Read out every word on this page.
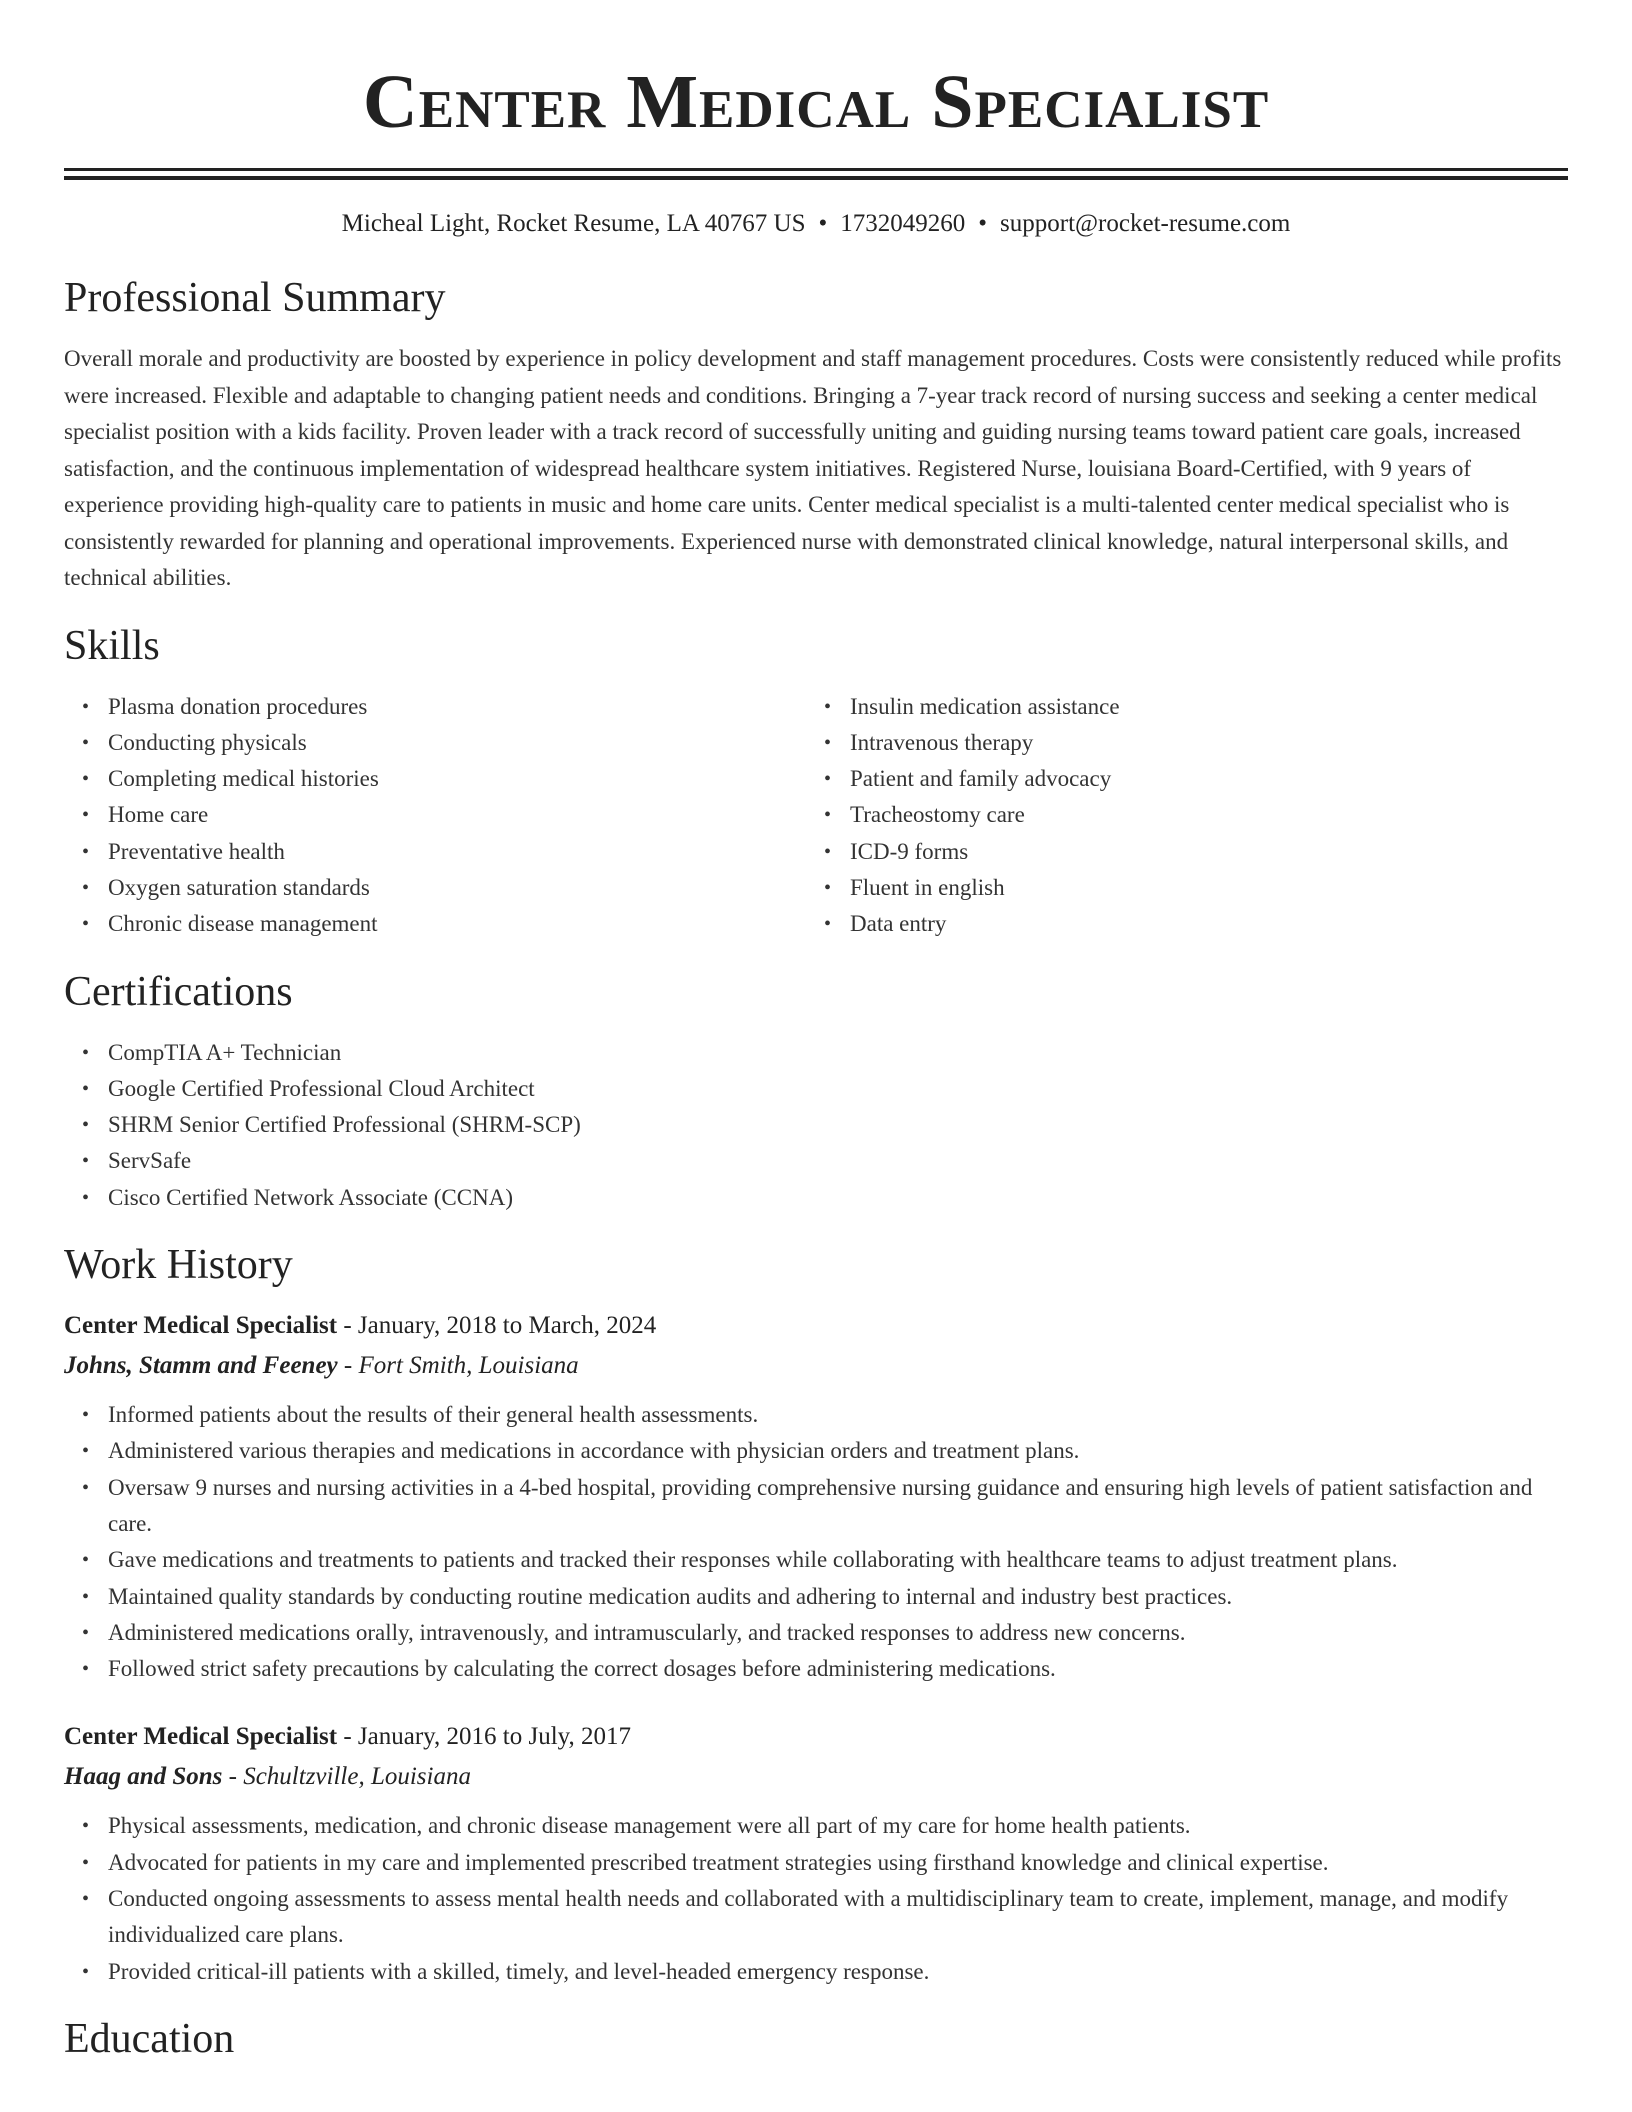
Center Medical Specialist
Micheal Light, Rocket Resume, LA 40767 US • 1732049260 • support@rocket-resume.com
Professional Summary

Overall morale and productivity are boosted by experience in policy development and staff management procedures. Costs were consistently reduced while profits were increased. Flexible and adaptable to changing patient needs and conditions. Bringing a 7-year track record of nursing success and seeking a center medical specialist position with a kids facility. Proven leader with a track record of successfully uniting and guiding nursing teams toward patient care goals, increased satisfaction, and the continuous implementation of widespread healthcare system initiatives. Registered Nurse, louisiana Board-Certified, with 9 years of experience providing high-quality care to patients in music and home care units. Center medical specialist is a multi-talented center medical specialist who is consistently rewarded for planning and operational improvements. Experienced nurse with demonstrated clinical knowledge, natural interpersonal skills, and technical abilities.

Skills
• Plasma donation procedures
• Conducting physicals
• Completing medical histories
• Home care
• Preventative health
• Oxygen saturation standards
• Chronic disease management
• Insulin medication assistance
• Intravenous therapy
• Patient and family advocacy
• Tracheostomy care
• ICD-9 forms
• Fluent in english
• Data entry
Certifications
• CompTIA A+ Technician
• Google Certified Professional Cloud Architect
• SHRM Senior Certified Professional (SHRM-SCP)
• ServSafe
• Cisco Certified Network Associate (CCNA)
Work History
Center Medical Specialist - January, 2018 to March, 2024
Johns, Stamm and Feeney - Fort Smith, Louisiana
• Informed patients about the results of their general health assessments.
• Administered various therapies and medications in accordance with physician orders and treatment plans.
• Oversaw 9 nurses and nursing activities in a 4-bed hospital, providing comprehensive nursing guidance and ensuring high levels of patient satisfaction and care.
• Gave medications and treatments to patients and tracked their responses while collaborating with healthcare teams to adjust treatment plans.
• Maintained quality standards by conducting routine medication audits and adhering to internal and industry best practices.
• Administered medications orally, intravenously, and intramuscularly, and tracked responses to address new concerns.
• Followed strict safety precautions by calculating the correct dosages before administering medications.
Center Medical Specialist - January, 2016 to July, 2017
Haag and Sons - Schultzville, Louisiana
• Physical assessments, medication, and chronic disease management were all part of my care for home health patients.
• Advocated for patients in my care and implemented prescribed treatment strategies using firsthand knowledge and clinical expertise.
• Conducted ongoing assessments to assess mental health needs and collaborated with a multidisciplinary team to create, implement, manage, and modify individualized care plans.
• Provided critical-ill patients with a skilled, timely, and level-headed emergency response.
Education
